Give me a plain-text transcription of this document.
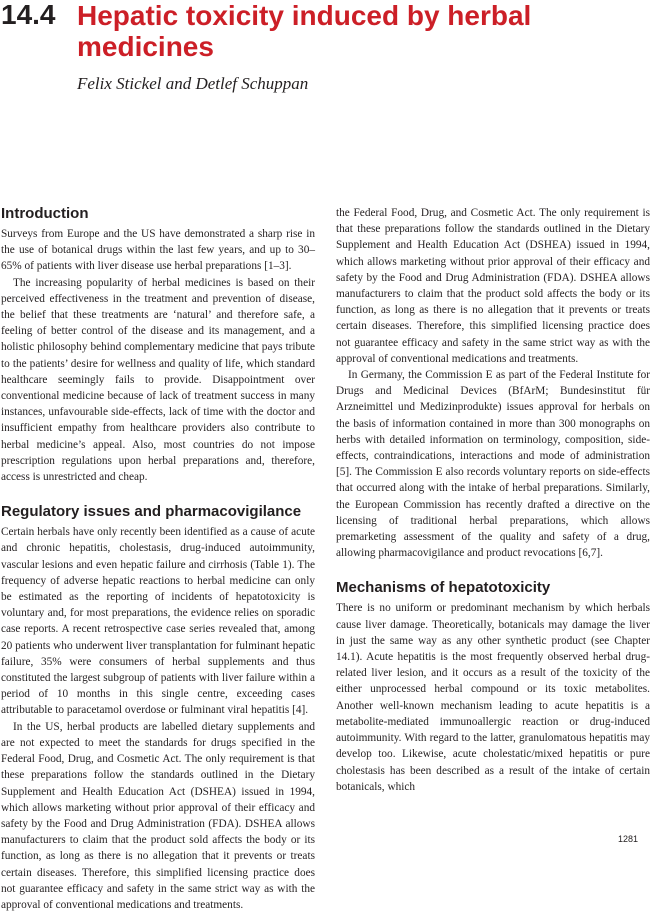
14.4 Hepatic toxicity induced by herbal medicines
Felix Stickel and Detlef Schuppan
Introduction

Surveys from Europe and the US have demonstrated a sharp rise in the use of botanical drugs within the last few years, and up to 30–65% of patients with liver disease use herbal preparations [1–3].

The increasing popularity of herbal medicines is based on their perceived effectiveness in the treatment and prevention of disease, the belief that these treatments are ‘natural’ and therefore safe, a feeling of better control of the disease and its management, and a holistic philosophy behind complementary medicine that pays tribute to the patients’ desire for wellness and quality of life, which standard healthcare seemingly fails to provide. Disappointment over conventional medicine because of lack of treatment success in many instances, unfavourable side-effects, lack of time with the doctor and insufficient empathy from healthcare providers also contribute to herbal medicine’s appeal. Also, most countries do not impose prescription regulations upon herbal preparations and, therefore, access is unrestricted and cheap.

Regulatory issues and pharmacovigilance

Certain herbals have only recently been identified as a cause of acute and chronic hepatitis, cholestasis, drug-induced autoimmunity, vascular lesions and even hepatic failure and cirrhosis (Table 1). The frequency of adverse hepatic reactions to herbal medicine can only be estimated as the reporting of incidents of hepatotoxicity is voluntary and, for most preparations, the evidence relies on sporadic case reports. A recent retrospective case series revealed that, among 20 patients who underwent liver transplantation for fulminant hepatic failure, 35% were consumers of herbal supplements and thus constituted the largest subgroup of patients with liver failure within a period of 10 months in this single centre, exceeding cases attributable to paracetamol overdose or fulminant viral hepatitis [4].

In the US, herbal products are labelled dietary supplements and are not expected to meet the standards for drugs specified in the Federal Food, Drug, and Cosmetic Act. The only requirement is that these preparations follow the standards outlined in the Dietary Supplement and Health Education Act (DSHEA) issued in 1994, which allows marketing without prior approval of their efficacy and safety by the Food and Drug Administration (FDA). DSHEA allows manufacturers to claim that the product sold affects the body or its function, as long as there is no allegation that it prevents or treats certain diseases. Therefore, this simplified licensing practice does not guarantee efficacy and safety in the same strict way as with the approval of conventional medications and treatments.

the Federal Food, Drug, and Cosmetic Act. The only requirement is that these preparations follow the standards outlined in the Dietary Supplement and Health Education Act (DSHEA) issued in 1994, which allows marketing without prior approval of their efficacy and safety by the Food and Drug Administration (FDA). DSHEA allows manufacturers to claim that the product sold affects the body or its function, as long as there is no allegation that it prevents or treats certain diseases. Therefore, this simplified licensing practice does not guarantee efficacy and safety in the same strict way as with the approval of conventional medications and treatments.

In Germany, the Commission E as part of the Federal Institute for Drugs and Medicinal Devices (BfArM; Bundesinstitut für Arzneimittel und Medizinprodukte) issues approval for herbals on the basis of information contained in more than 300 monographs on herbs with detailed information on terminology, composition, side-effects, contraindications, interactions and mode of administration [5]. The Commission E also records voluntary reports on side-effects that occurred along with the intake of herbal preparations. Similarly, the European Commission has recently drafted a directive on the licensing of traditional herbal preparations, which allows premarketing assessment of the quality and safety of a drug, allowing pharmacovigilance and product revocations [6,7].

Mechanisms of hepatotoxicity

There is no uniform or predominant mechanism by which herbals cause liver damage. Theoretically, botanicals may damage the liver in just the same way as any other synthetic product (see Chapter 14.1). Acute hepatitis is the most frequently observed herbal drug-related liver lesion, and it occurs as a result of the toxicity of the either unprocessed herbal compound or its toxic metabolites. Another well-known mechanism leading to acute hepatitis is a metabolite-mediated immunoallergic reaction or drug-induced autoimmunity. With regard to the latter, granulomatous hepatitis may develop too. Likewise, acute cholestatic/mixed hepatitis or pure cholestasis has been described as a result of the intake of certain botanicals, which

1281
